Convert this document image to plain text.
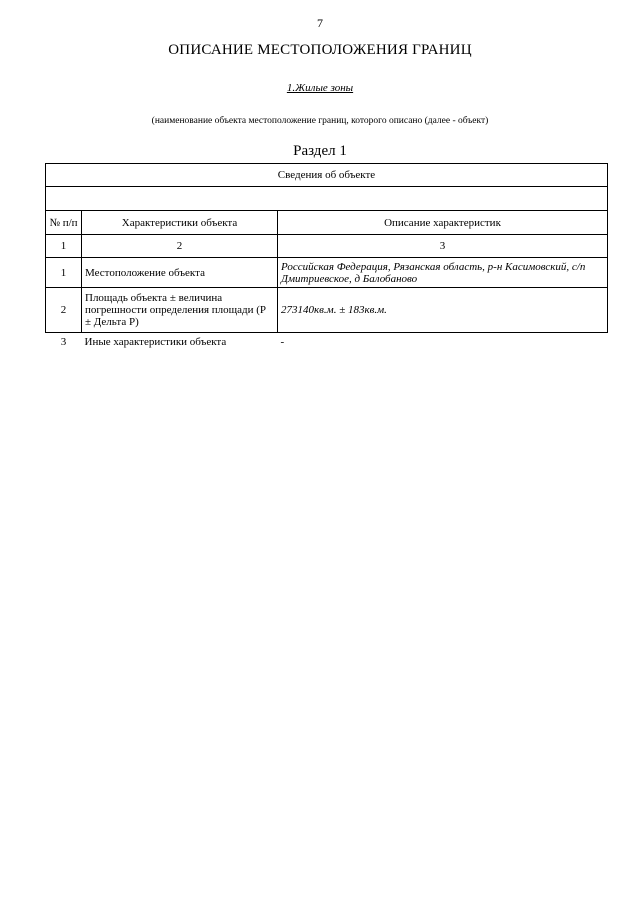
7
ОПИСАНИЕ МЕСТОПОЛОЖЕНИЯ ГРАНИЦ
1.Жилые зоны
(наименование объекта местоположение границ, которого описано (далее - объект)
Раздел 1
Сведения об объекте		

№ п/п	Характеристики объекта	Описание характеристик
1	2	3
1	Местоположение объекта	Российская Федерация, Рязанская область, р-н Касимовский, с/п Дмитриевское, д Балобаново
2	Площадь объекта ± величина погрешности определения площади (P ± Дельта P)	273140кв.м. ± 183кв.м.
3	Иные характеристики объекта	-
